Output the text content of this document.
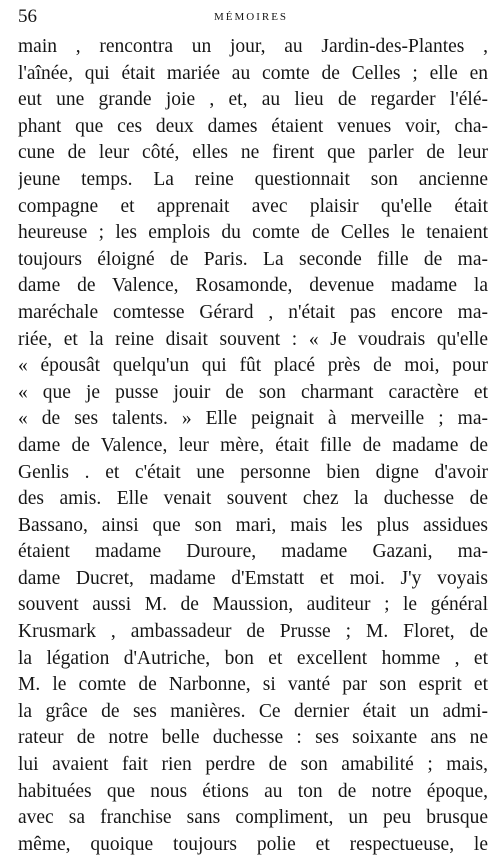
56	MÉMOIRES
main , rencontra un jour, au Jardin-des-Plantes ,
l'aînée, qui était mariée au comte de Celles ; elle en
eut une grande joie , et, au lieu de regarder l'élé-
phant que ces deux dames étaient venues voir, cha-
cune de leur côté, elles ne firent que parler de leur
jeune temps. La reine questionnait son ancienne
compagne et apprenait avec plaisir qu'elle était
heureuse ; les emplois du comte de Celles le tenaient
toujours éloigné de Paris. La seconde fille de ma-
dame de Valence, Rosamonde, devenue madame la
maréchale comtesse Gérard , n'était pas encore ma-
riée, et la reine disait souvent : « Je voudrais qu'elle
« épousât quelqu'un qui fût placé près de moi, pour
« que je pusse jouir de son charmant caractère et
« de ses talents. » Elle peignait à merveille ; ma-
dame de Valence, leur mère, était fille de madame de
Genlis . et c'était une personne bien digne d'avoir
des amis. Elle venait souvent chez la duchesse de
Bassano, ainsi que son mari, mais les plus assidues
étaient madame Duroure, madame Gazani, ma-
dame Ducret, madame d'Emstatt et moi. J'y voyais
souvent aussi M. de Maussion, auditeur ; le général
Krusmark , ambassadeur de Prusse ; M. Floret, de
la légation d'Autriche, bon et excellent homme , et
M. le comte de Narbonne, si vanté par son esprit et
la grâce de ses manières. Ce dernier était un admi-
rateur de notre belle duchesse : ses soixante ans ne
lui avaient fait rien perdre de son amabilité ; mais,
habituées que nous étions au ton de notre époque,
avec sa franchise sans compliment, un peu brusque
même, quoique toujours polie et respectueuse, le
